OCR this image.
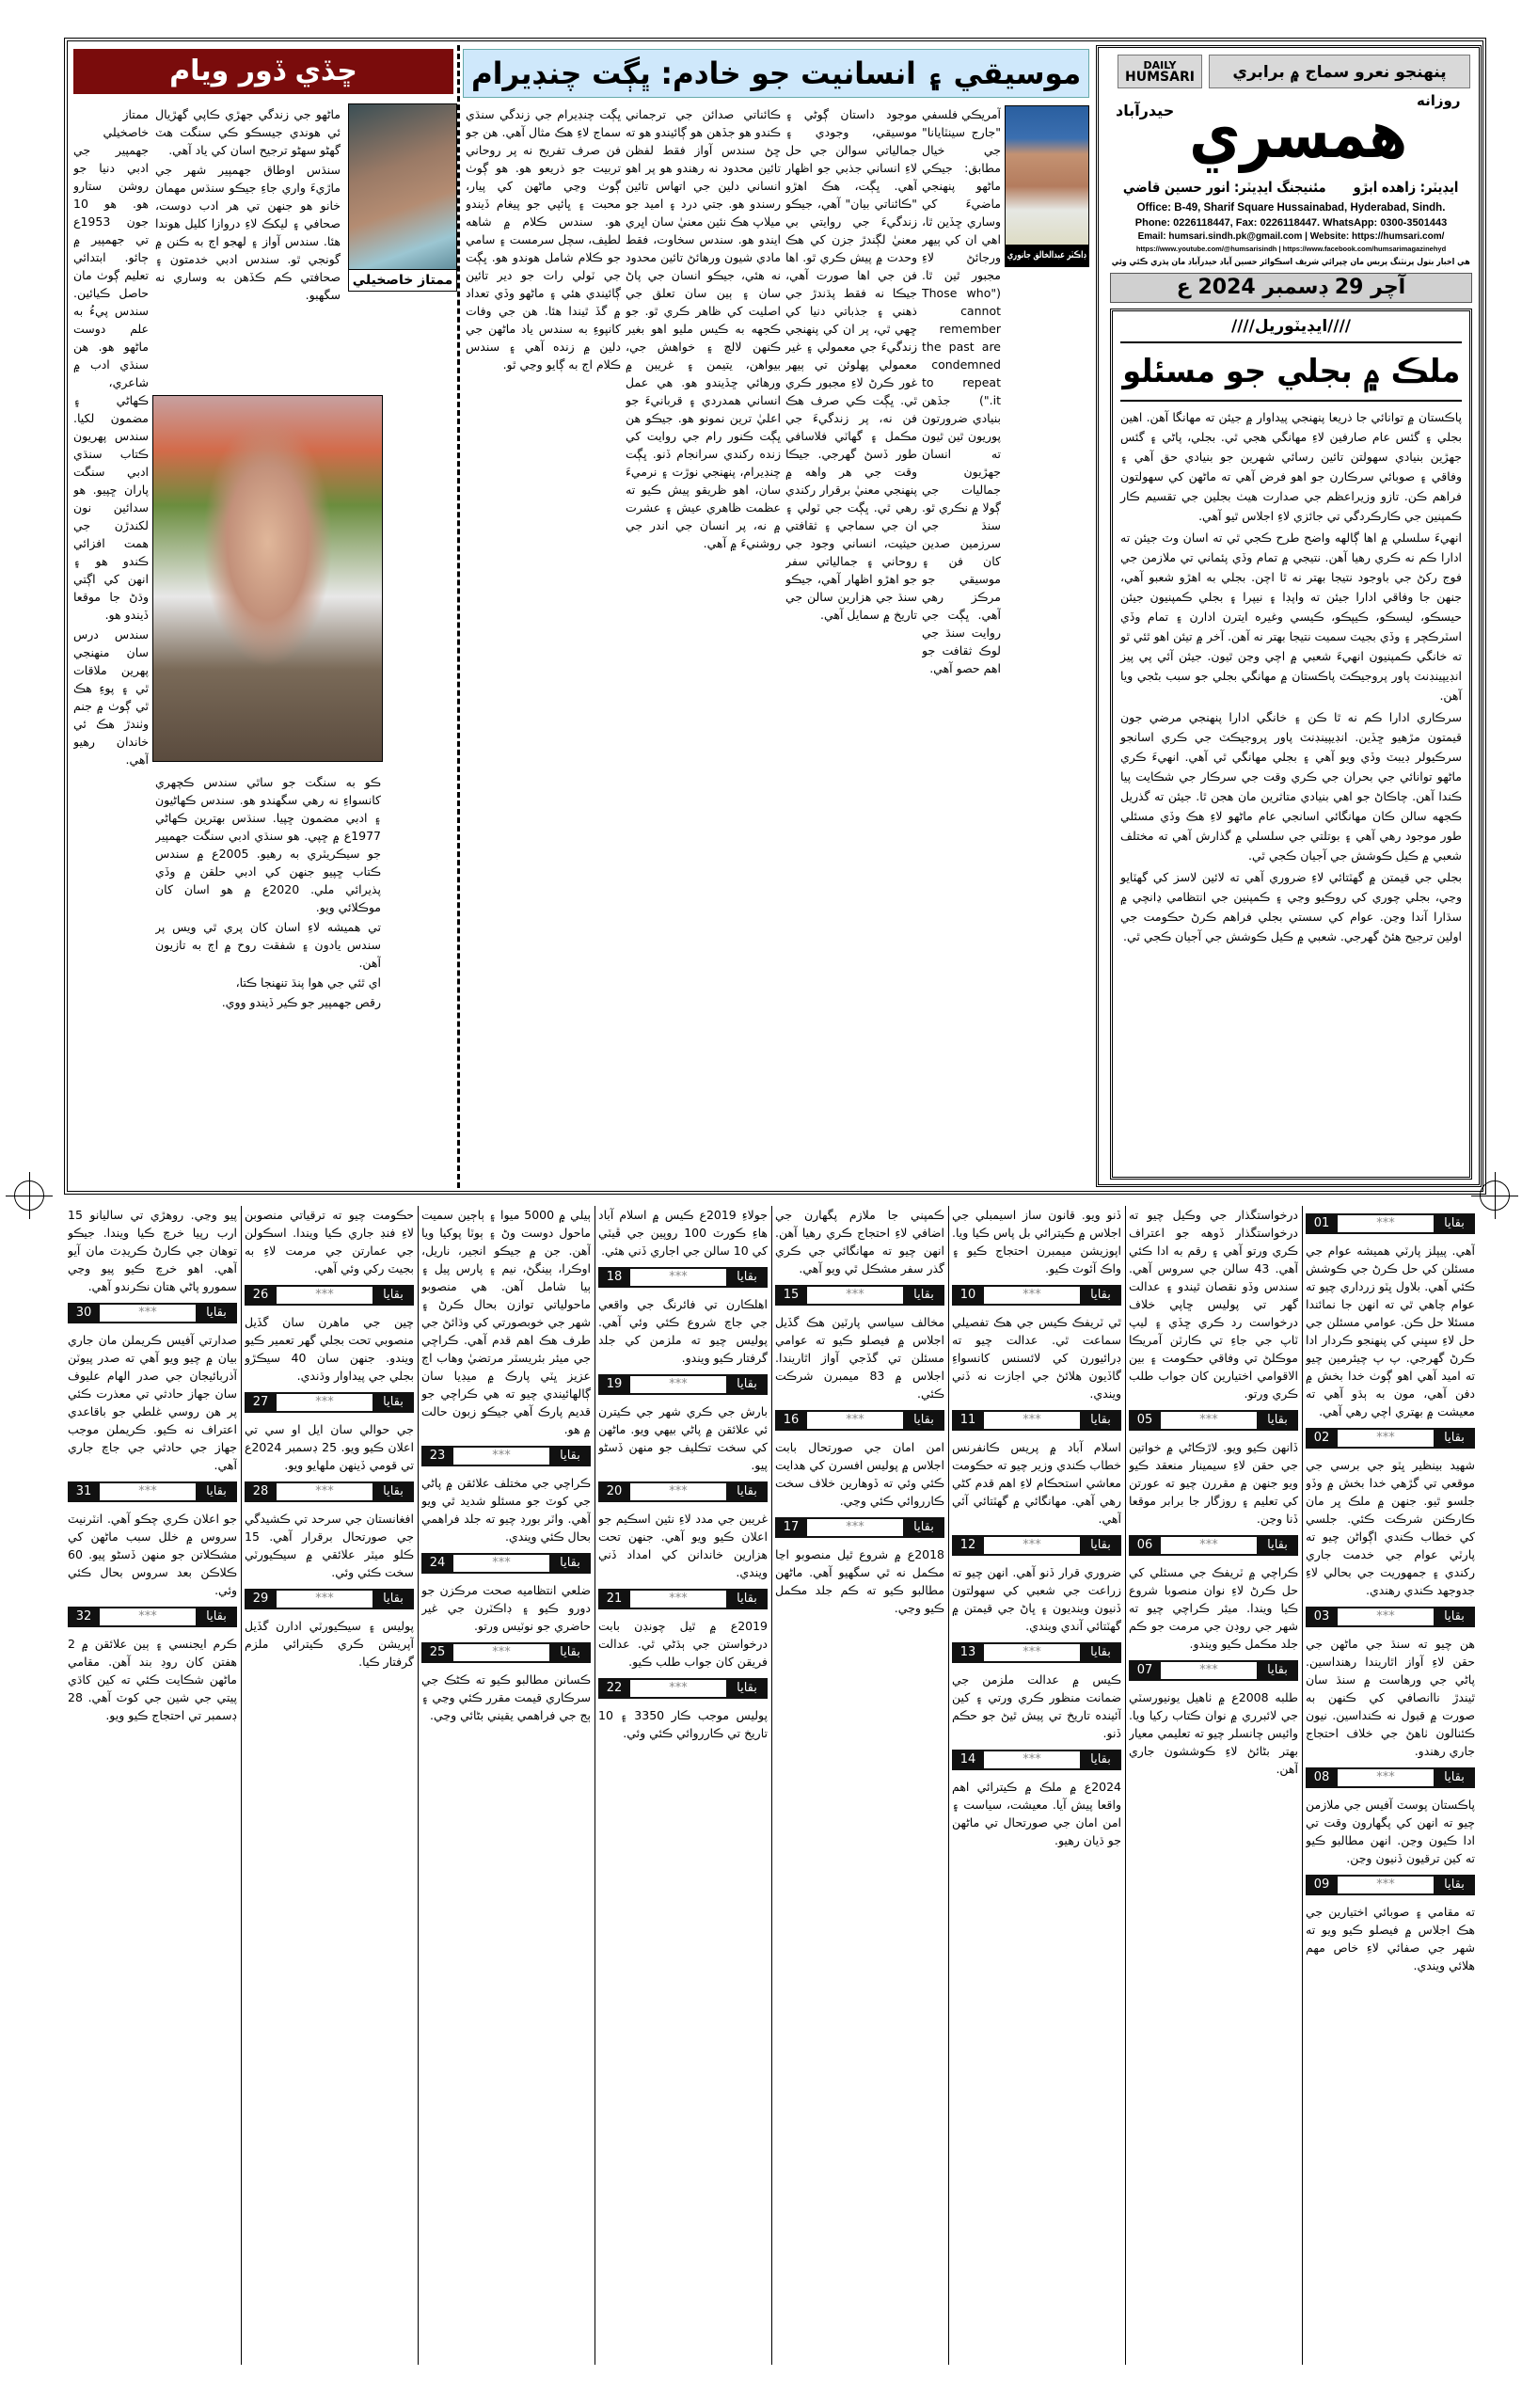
ڇڏي ڏور ويام
ممتاز خاصخيلي

ممتاز خاصخيلي جهمپير جي ادبي دنيا جو روشن ستارو هو. هو 10 جون 1953ع تي جهمپير ۾ ڄائو. ابتدائي تعليم ڳوٺ مان حاصل ڪيائين. سندس پيءُ به علم دوست ماڻهو هو. هن سنڌي ادب ۾ شاعري، ڪهاڻي ۽ مضمون لکيا. سندس پهريون ڪتاب سنڌي ادبي سنگت پاران ڇپيو. هو سدائين نون لکندڙن جي همت افزائي ڪندو هو ۽ انهن کي اڳتي وڌڻ جا موقعا ڏيندو هو.

سندس درس سان منهنجي پهرين ملاقات ٿي ۽ پوءِ هڪ ٿي ڳوٺ ۾ جنم وٺندڙ هڪ ئي خاندان رهيو آهي.

ماڻهو جي زندگي جهڙي ڪاپي گهڙيال ئي هوندي جيسڪو ڪي سنگت هٽ گهڻو سهڻو ترجيح اسان کي ياد آهي.

سنڌس اوطاق جهمپير شهر جي ماڙيءَ واري جاءِ جيڪو سنڌس مهمان خانو هو جنهن تي هر ادب دوست، صحافي ۽ ليکڪ لاءِ دروازا کليل هوندا هئا. سندس آواز ۽ لهجو اڄ به ڪنن ۾ گونجي ٿو. سندس ادبي خدمتون ۽ صحافتي ڪم ڪڏهن به وساري نه سگهبو.

ڪو به سنگت جو ساٿي سندس ڪچهري کانسواءِ نه رهي سگهندو هو. سندس ڪهاڻيون ۽ ادبي مضمون ڇپيا. سنڌس بهترين ڪهاڻي 1977ع ۾ ڇپي. هو سنڌي ادبي سنگت جهمپير جو سيڪريٽري به رهيو. 2005ع ۾ سندس ڪتاب ڇپيو جنهن کي ادبي حلقن ۾ وڏي پذيرائي ملي. 2020ع ۾ هو اسان کان موڪلائي ويو.

تي هميشه لاءِ اسان کان پري ٿي ويس پر سندس يادون ۽ شفقت روح ۾ اڄ به تازيون آهن.

اي ٿئي جي هوا پنڌ تنهنجا ڪتا،

رقص جهمپير جو ڪير ڏيندو ووي.

موسيقي ۽ انسانيت جو خادم: ڀڳت چنڊيرام
ڊاڪٽر عبدالخالق جانوري

آمريڪي فلسفي "جارج سينٽايانا" جي خيال مطابق: جيڪي ماڻهو پنهنجي ماضيءَ کي وساري ڇڏين ٿا، اهي ان کي ٻيهر ورجائڻ لاءِ مجبور ٿين ٿا. ("Those who cannot remember the past are condemned to repeat it.") جڏهن بنيادي ضرورتون پوريون ٿين ٿيون ته انسان جهڙيون جماليات جي ڳولا ۾ نڪري ٿو. سنڌ جي سرزمين صدين کان فن ۽ موسيقي جو مرڪز رهي آهي. ڀڳت جي روايت سنڌ جي لوڪ ثقافت جو اهم حصو آهي.

موجود داستان ڳوڻي ۽ موسيقي، وجودي ۽ جمالياتي سوالن جي حل لاءِ انساني جذبي جو اظهار آهي. ڀڳت، هڪ اهڙو "ڪائناتي بيان" آهي، جيڪو زندگيءَ جي روايتي بي معنيٰ لڳندڙ جزن کي هڪ وحدت ۾ پيش ڪري ٿو. اها فن جي اها صورت آهي، جيڪا نه فقط پڌندڙ جي ذهني ۽ جذباتي دنيا کي ڇهي ٿي، پر ان کي پنهنجي زندگيءَ جي معمولي ۽ غير معمولي پهلوئن تي ٻيهر غور ڪرڻ لاءِ مجبور ڪري ٿي. ڀڳت ڪي صرف هڪ فن نه، پر زندگيءَ جي مڪمل ۽ گهاٽي فلاسافي طور ڏسڻ گهرجي. جيڪا وقت جي هر واهه ۾ پنهنجي معنيٰ برقرار رکندي رهي ٿي. ڀڳت جي ٽولي ۽ ان جي سماجي ۽ ثقافتي حيثيت، انساني وجود جي روحاني ۽ جمالياتي سفر جو اهڙو اظهار آهي، جيڪو سنڌ جي هزارين سالن جي تاريخ ۾ سمايل آهي.

ڪائناتي صدائن جي ترجماني ڪندو هو جڏهن هو ڳائيندو هو ته ڇڻ سندس آواز فقط لفظن تائين محدود نه رهندو هو پر اهو انساني دلين جي اتهاس تائين رسندو هو. جتي درد ۽ اميد جو ميلاپ هڪ نئين معنيٰ سان اڀري ايندو هو. سندس سخاوت، فقط مادي شيون ورهائڻ تائين محدود نه هئي، جيڪو انسان جي پاڻ سان ۽ ٻين سان تعلق جي اصليت کي ظاهر ڪري ٿو. جو ڪجهه به ڪيس مليو اهو بغير ڪنهن لالچ ۽ خواهش جي، بيواهن، يتيمن ۽ غريبن ۾ ورهائي ڇڏيندو هو. هي عمل انساني همدردي ۽ قربانيءَ جو اعليٰ ترين نمونو هو. جيڪو هن ڀڳت ڪنور رام جي روايت کي زنده رکندي سرانجام ڏنو. ڀڳت چنڊيرام، پنهنجي نوڙت ۽ نرميءَ سان، اهو ظريقو پيش ڪيو ته عظمت ظاهري عيش ۽ عشرت ۾ نه، پر انسان جي اندر جي روشنيءَ ۾ آهي.

ڀڳت چنڊيرام جي زندگي سنڌي سماج لاءِ هڪ مثال آهي. هن جو فن صرف تفريح نه پر روحاني تربيت جو ذريعو هو. هو ڳوٺ ڳوٺ وڃي ماڻهن کي پيار، محبت ۽ ڀائپي جو پيغام ڏيندو هو. سندس ڪلام ۾ شاهه لطيف، سچل سرمست ۽ سامي جو ڪلام شامل هوندو هو. ڀڳت جي ٽولي رات جو دير تائين ڳائيندي هئي ۽ ماڻهو وڏي تعداد ۾ گڏ ٿيندا هئا. هن جي وفات کانپوءِ به سندس ياد ماڻهن جي دلين ۾ زنده آهي ۽ سندس ڪلام اڄ به ڳايو وڃي ٿو.

DAILY
HUMSARI	پنهنجو نعرو سماج ۾ برابري
همسري روزانه
حيدرآباد
ايڊيٽر: زاهده ابڙو مئنيجنگ ايڊيٽر: انور حسين قاضي
Office: B-49, Sharif Square Hussainabad, Hyderabad, Sindh.
Phone: 0226118447, Fax: 0226118447. WhatsApp: 0300-3501443
Email: humsari.sindh.pk@gmail.com | Website: https://humsari.com/
https://www.youtube.com/@humsarisindh | https://www.facebook.com/humsarimagazinehyd
هي اخبار بتول پرنٽنگ پريس مان ڇپرائي شريف اسڪوائر حسين آباد حيدرآباد مان پڌري ڪئي وئي
آچر 29 ڊسمبر 2024 ع
////ايڊيٽوريل////
ملڪ ۾ بجلي جو مسئلو

پاڪستان ۾ توانائي جا ذريعا پنهنجي پيداوار ۾ جيئن ته مهانگا آهن. اهين بجلي ۽ گئس عام صارفين لاءِ مهانگي هجي ٿي. بجلي، پاڻي ۽ گئس جهڙين بنيادي سهولتن تائين رسائي شهرين جو بنيادي حق آهي ۽ وفاقي ۽ صوبائي سرڪارن جو اهو فرض آهي ته ماڻهن کي سهولتون فراهم ڪن. تازو وزيراعظم جي صدارت هيٺ بجلين جي تقسيم ڪار ڪمپنين جي ڪارڪردگي تي جائزي لاءِ اجلاس ٿيو آهي.

انهيءَ سلسلي ۾ اها ڳالهه واضح طرح ڪجي ٿي ته اسان وٽ جيئن ته ادارا ڪم نه ڪري رهيا آهن. نتيجي ۾ تمام وڏي پئماني تي ملازمن جي فوج رکڻ جي باوجود نتيجا بهتر نه ٿا اچن. بجلي به اهڙو شعبو آهي، جنهن جا وفاقي ادارا جيئن ته واپڊا ۽ نيپرا ۽ بجلي ڪمپنيون جيئن حيسڪو، ليسڪو، ڪيپڪو، ڪيسي وغيره ايترن ادارن ۽ تمام وڏي اسٽرڪچر ۽ وڏي بجيٽ سميت نتيجا بهتر نه آهن. آخر ۾ تيئن اهو ٿئي ٿو ته خانگي ڪمپنيون انهيءَ شعبي ۾ اچي وڃن ٿيون. جيئن آئي پي پيز انڊيپينڊنٽ پاور پروجيڪٽ پاڪستان ۾ مهانگي بجلي جو سبب بڻجي ويا آهن.

سرڪاري ادارا ڪم نه ٿا ڪن ۽ خانگي ادارا پنهنجي مرضي جون قيمتون مڙهيو ڇڏين. انڊيپينڊنٽ پاور پروجيڪٽ جي ڪري اسانجو سرڪيولر ڊيبٽ وڏي ويو آهي ۽ بجلي مهانگي ٿي آهي. انهيءَ ڪري ماڻهو توانائي جي بحران جي ڪري وقت جي سرڪار جي شڪايت پيا ڪندا آهن. چاڪاڻ جو اهي بنيادي متاثرين مان هجن ٿا. جيئن ته گذريل ڪجهه سالن ڪان مهانگائي اسانجي عام ماڻهو لاءِ هڪ وڏي مسئلي طور موجود رهي آهي ۽ بوتلتي جي سلسلي ۾ گذارش آهي ته مختلف شعبي ۾ ڪيل ڪوشش جي آجيان ڪجي ٿي.

بجلي جي قيمتن ۾ گهٽتائي لاءِ ضروري آهي ته لائين لاسز کي گهٽايو وڃي، بجلي چوري کي روڪيو وڃي ۽ ڪمپنين جي انتظامي ڍانچي ۾ سڌارا آندا وڃن. عوام کي سستي بجلي فراهم ڪرڻ حڪومت جي اولين ترجيح هئڻ گهرجي. شعبي ۾ ڪيل ڪوشش جي آجيان ڪجي ٿي.

01	***	بقايا

آهي. پيپلز پارٽي هميشه عوام جي مسئلن کي حل ڪرڻ جي ڪوشش ڪئي آهي. بلاول ڀٽو زرداري چيو ته عوام چاهي ٿي ته انهن جا نمائندا مسئلا حل ڪن. عوامي مسئلن جي حل لاءِ سڀني کي پنهنجو ڪردار ادا ڪرڻ گهرجي. پ پ چيئرمين چيو ته اميد آهي اهو ڳوٺ خدا بخش ۾ دفن آهي، مون به ٻڌو آهي ته معيشت ۾ بهتري اچي رهي آهي.

02	***	بقايا

شهيد بينظير ڀٽو جي برسي جي موقعي تي گڙهي خدا بخش ۾ وڏو جلسو ٿيو. جنهن ۾ ملڪ ڀر مان ڪارڪنن شرڪت ڪئي. جلسي کي خطاب ڪندي اڳواڻن چيو ته پارٽي عوام جي خدمت جاري رکندي ۽ جمهوريت جي بحالي لاءِ جدوجهد ڪندي رهندي.

03	***	بقايا

هن چيو ته سنڌ جي ماڻهن جي حقن لاءِ آواز اٿاريندا رهنداسين. پاڻي جي ورهاست ۾ سنڌ سان ٿيندڙ ناانصافي کي ڪنهن به صورت ۾ قبول نه ڪنداسين. نيون ڪئنالون ٺاهڻ جي خلاف احتجاج جاري رهندو.

08	***	بقايا

پاڪستان پوسٽ آفيس جي ملازمن چيو ته انهن کي پگهارون وقت تي ادا ڪيون وڃن. انهن مطالبو ڪيو ته کين ترقيون ڏنيون وڃن.

09	***	بقايا

ته مقامي ۽ صوبائي اختيارين جي هڪ اجلاس ۾ فيصلو ڪيو ويو ته شهر جي صفائي لاءِ خاص مهم هلائي ويندي.

درخواستگذار جي وڪيل چيو ته درخواستگذار ڏوهه جو اعتراف ڪري ورتو آهي ۽ رقم به ادا ڪئي آهي. 43 سالن جي سروس آهي. سندس وڏو نقصان ٿيندو ۽ عدالت گهر تي پوليس ڇاپي خلاف درخواست رد ڪري ڇڏي ۽ ليپ ٽاپ جي جاءِ تي ڪارٽن آمريڪا موڪلڻ تي وفاقي حڪومت ۽ بين الاقوامي اختيارين کان جواب طلب ڪري ورتو.

05	***	بقايا

ڏانهن ڪيو ويو. لاڙڪاڻي ۾ خواتين جي حقن لاءِ سيمينار منعقد ڪيو ويو جنهن ۾ مقررن چيو ته عورتن کي تعليم ۽ روزگار جا برابر موقعا ڏنا وڃن.

06	***	بقايا

ڪراچي ۾ ٽريفڪ جي مسئلي کي حل ڪرڻ لاءِ نوان منصوبا شروع ڪيا ويندا. ميئر ڪراچي چيو ته شهر جي روڊن جي مرمت جو ڪم جلد مڪمل ڪيو ويندو.

07	***	بقايا

طلبه 2008ع ۾ ٺاهيل يونيورسٽي جي لائبرري ۾ نوان ڪتاب رکيا ويا. وائيس چانسلر چيو ته تعليمي معيار بهتر بڻائڻ لاءِ ڪوششون جاري آهن.

ڏنو ويو. قانون ساز اسيمبلي جي اجلاس ۾ ڪيترائي بل پاس ڪيا ويا. اپوزيشن ميمبرن احتجاج ڪيو ۽ واڪ آئوٽ ڪيو.

10	***	بقايا

ٿي ٽريفڪ ڪيس جي هڪ تفصيلي سماعت ٿي. عدالت چيو ته ڊرائيورن کي لائسنس کانسواءِ گاڏيون هلائڻ جي اجازت نه ڏني ويندي.

11	***	بقايا

اسلام آباد ۾ پريس ڪانفرنس خطاب ڪندي وزير چيو ته حڪومت معاشي استحڪام لاءِ اهم قدم کڻي رهي آهي. مهانگائي ۾ گهٽتائي آئي آهي.

12	***	بقايا

ضروري قرار ڏنو آهي. انهن چيو ته زراعت جي شعبي کي سهولتون ڏنيون وينديون ۽ ڀاڻ جي قيمتن ۾ گهٽتائي آندي ويندي.

13	***	بقايا

ڪيس ۾ عدالت ملزمن جي ضمانت منظور ڪري ورتي ۽ کين آئينده تاريخ تي پيش ٿيڻ جو حڪم ڏنو.

14	***	بقايا

2024ع ۾ ملڪ ۾ ڪيترائي اهم واقعا پيش آيا. معيشت، سياست ۽ امن امان جي صورتحال تي ماڻهن جو ڌيان رهيو.

ڪمپني جا ملازم پگهارن جي اضافي لاءِ احتجاج ڪري رهيا آهن. انهن چيو ته مهانگائي جي ڪري گذر سفر مشڪل ٿي ويو آهي.

15	***	بقايا

مخالف سياسي پارٽين هڪ گڏيل اجلاس ۾ فيصلو ڪيو ته عوامي مسئلن تي گڏجي آواز اٿاريندا. اجلاس ۾ 83 ميمبرن شرڪت ڪئي.

16	***	بقايا

امن امان جي صورتحال بابت اجلاس ۾ پوليس افسرن کي هدايت ڪئي وئي ته ڏوهارين خلاف سخت ڪارروائي ڪئي وڃي.

17	***	بقايا

2018ع ۾ شروع ٿيل منصوبو اڃا مڪمل نه ٿي سگهيو آهي. ماڻهن مطالبو ڪيو ته ڪم جلد مڪمل ڪيو وڃي.

جولاءِ 2019ع ڪيس ۾ اسلام آباد هاءِ ڪورٽ 100 روپين جي ڦيٽي کي 10 سالن جي اجاري ڏني هئي.

18	***	بقايا

اهلڪارن تي فائرنگ جي واقعي جي جاچ شروع ڪئي وئي آهي. پوليس چيو ته ملزمن کي جلد گرفتار ڪيو ويندو.

19	***	بقايا

بارش جي ڪري شهر جي ڪيترن ئي علائقن ۾ پاڻي بيهي ويو. ماڻهن کي سخت تڪليف جو منهن ڏسڻو پيو.

20	***	بقايا

غريبن جي مدد لاءِ نئين اسڪيم جو اعلان ڪيو ويو آهي. جنهن تحت هزارين خاندانن کي امداد ڏني ويندي.

21	***	بقايا

2019ع ۾ ٿيل چونڊن بابت درخواستن جي ٻڌڻي ٿي. عدالت فريقن کان جواب طلب ڪيو.

22	***	بقايا

پوليس موجب ڪار 3350 ۽ 10 تاريخ تي ڪارروائي ڪئي وئي.

ٻيلي ۾ 5000 ميوا ۽ ٻاڄين سميت ماحول دوست وڻ ۽ ٻوٽا پوکيا ويا آهن. جن ۾ جيڪو انجير، ناريل، اوڪرا، ٻينگڻ، نيم ۽ پارس پيل ۽ ٻيا شامل آهن. هي منصوبو ماحولياتي توازن بحال ڪرڻ ۽ شهر جي خوبصورتي کي وڌائڻ جي طرف هڪ اهم قدم آهي. ڪراچي جي ميئر بئريسٽر مرتضيٰ وهاب اڄ عزيز ڀٽي پارڪ ۾ ميڊيا سان ڳالهائيندي چيو ته هي ڪراچي جو قديم پارڪ آهي جيڪو زبون حالت ۾ هو.

23	***	بقايا

ڪراچي جي مختلف علائقن ۾ پاڻي جي کوٽ جو مسئلو شديد ٿي ويو آهي. واٽر بورڊ چيو ته جلد فراهمي بحال ڪئي ويندي.

24	***	بقايا

ضلعي انتظاميه صحت مرڪزن جو دورو ڪيو ۽ ڊاڪٽرن جي غير حاضري جو نوٽيس ورتو.

25	***	بقايا

ڪسانن مطالبو ڪيو ته ڪڻڪ جي سرڪاري قيمت مقرر ڪئي وڃي ۽ ٻج جي فراهمي يقيني بڻائي وڃي.

حڪومت چيو ته ترقياتي منصوبن لاءِ فنڊ جاري ڪيا ويندا. اسڪولن جي عمارتن جي مرمت لاءِ به بجيٽ رکي وئي آهي.

26	***	بقايا

چين جي ماهرن سان گڏيل منصوبي تحت بجلي گهر تعمير ڪيو ويندو. جنهن سان 40 سيڪڙو بجلي جي پيداوار وڌندي.

27	***	بقايا

جي حوالي سان ايل او سي تي اعلان ڪيو ويو. 25 ڊسمبر 2024ع تي قومي ڏينهن ملهايو ويو.

28	***	بقايا

افغانستان جي سرحد تي ڪشيدگي جي صورتحال برقرار آهي. 15 ڪلو ميٽر علائقي ۾ سيڪيورٽي سخت ڪئي وئي.

29	***	بقايا

پوليس ۽ سيڪيورٽي ادارن گڏيل آپريشن ڪري ڪيترائي ملزم گرفتار ڪيا.

پيو وڃي. روهڙي تي ساليانو 15 ارب رپيا خرچ ڪيا ويندا. جيڪو توهان جي ڪارڻ ڪريڊٽ مان آيو آهي. اهو خرچ ڪيو پيو وڃي سمورو پاڻي هتان نڪرندو آهي.

30	***	بقايا

صدارتي آفيس ڪريملن مان جاري بيان ۾ چيو ويو آهي ته صدر پيوٽن آذربائيجان جي صدر الهام عليوف سان جهاز حادثي تي معذرت ڪئي پر هن روسي غلطي جو باقاعدي اعتراف نه ڪيو. ڪريملن موجب جهاز جي حادثي جي جاچ جاري آهي.

31	***	بقايا

جو اعلان ڪري چڪو آهي. انٽرنيٽ سروس ۾ خلل سبب ماڻهن کي مشڪلاتن جو منهن ڏسڻو پيو. 60 ڪلاڪن بعد سروس بحال ڪئي وئي.

32	***	بقايا

ڪرم ايجنسي ۽ ٻين علائقن ۾ 2 هفتن کان روڊ بند آهن. مقامي ماڻهن شڪايت ڪئي ته کين کاڌي پيتي جي شين جي کوٽ آهي. 28 ڊسمبر تي احتجاج ڪيو ويو.
